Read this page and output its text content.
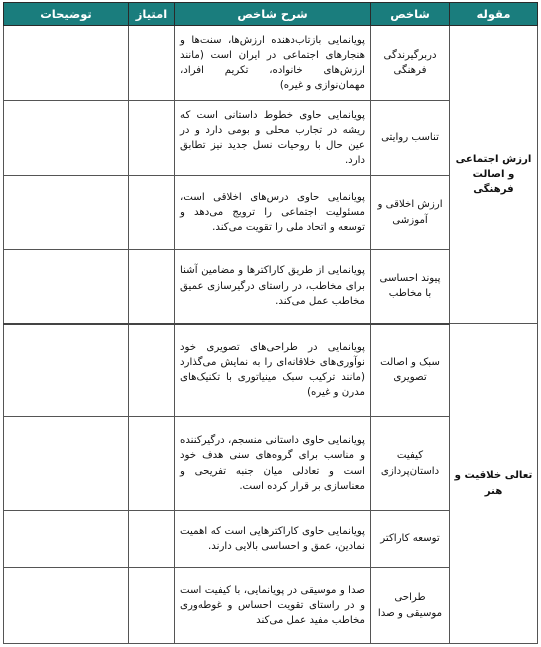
مقوله	شاخص	شرح شاخص	امتیاز	توضیحات
ارزش اجتماعی و اصالت فرهنگی	دربرگیرندگی فرهنگی	پویانمایی بازتاب‌دهنده ارزش‌ها، سنت‌ها و هنجارهای اجتماعی در ایران است (مانند ارزش‌های خانواده، تکریم افراد، مهمان‌نوازی و غیره)		
	تناسب روایتی	پویانمایی حاوی خطوط داستانی است که ریشه در تجارب محلی و بومی دارد و در عین حال با روحیات نسل جدید نیز تطابق دارد.		
	ارزش اخلاقی و آموزشی	پویانمایی حاوی درس‌های اخلاقی است، مسئولیت اجتماعی را ترویج می‌دهد و توسعه و اتحاد ملی را تقویت می‌کند.		
	پیوند احساسی با مخاطب	پویانمایی از طریق کاراکترها و مضامین آشنا برای مخاطب، در راستای درگیرسازی عمیق مخاطب عمل می‌کند.		
تعالی خلاقیت و هنر	سبک و اصالت تصویری	پویانمایی در طراحی‌های تصویری خود نوآوری‌های خلاقانه‌ای را به نمایش می‌گذارد (مانند ترکیب سبک مینیاتوری با تکنیک‌های مدرن و غیره)		
	کیفیت داستان‌پردازی	پویانمایی حاوی داستانی منسجم، درگیرکننده و مناسب برای گروه‌های سنی هدف خود است و تعادلی میان جنبه تفریحی و معناسازی بر قرار کرده است.		
	توسعه کاراکتر	پویانمایی حاوی کاراکترهایی است که اهمیت نمادین، عمق و احساسی بالایی دارند.		
	طراحی موسیقی و صدا	صدا و موسیقی در پویانمایی، با کیفیت است و در راستای تقویت احساس و غوطه‌وری مخاطب مفید عمل می‌کند		
